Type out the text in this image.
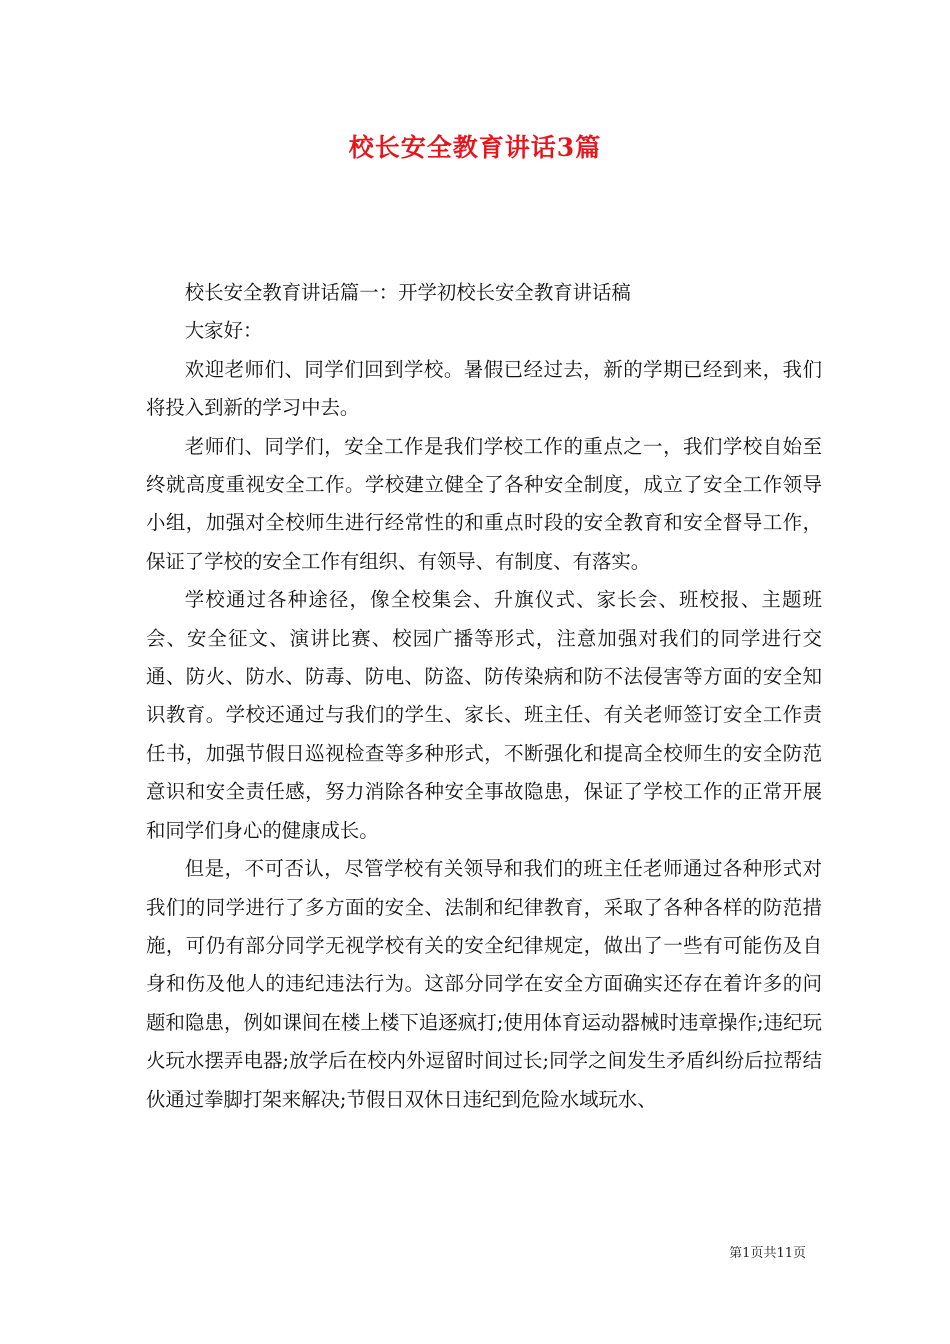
校长安全教育讲话3篇

校长安全教育讲话篇一：开学初校长安全教育讲话稿

大家好：

欢迎老师们、同学们回到学校。暑假已经过去，新的学期已经到来，我们将投入到新的学习中去。

老师们、同学们，安全工作是我们学校工作的重点之一，我们学校自始至终就高度重视安全工作。学校建立健全了各种安全制度，成立了安全工作领导小组，加强对全校师生进行经常性的和重点时段的安全教育和安全督导工作，保证了学校的安全工作有组织、有领导、有制度、有落实。

学校通过各种途径，像全校集会、升旗仪式、家长会、班校报、主题班会、安全征文、演讲比赛、校园广播等形式，注意加强对我们的同学进行交通、防火、防水、防毒、防电、防盗、防传染病和防不法侵害等方面的安全知识教育。学校还通过与我们的学生、家长、班主任、有关老师签订安全工作责任书，加强节假日巡视检查等多种形式，不断强化和提高全校师生的安全防范意识和安全责任感，努力消除各种安全事故隐患，保证了学校工作的正常开展和同学们身心的健康成长。

但是，不可否认，尽管学校有关领导和我们的班主任老师通过各种形式对我们的同学进行了多方面的安全、法制和纪律教育，采取了各种各样的防范措施，可仍有部分同学无视学校有关的安全纪律规定，做出了一些有可能伤及自身和伤及他人的违纪违法行为。这部分同学在安全方面确实还存在着许多的问题和隐患，例如课间在楼上楼下追逐疯打;使用体育运动器械时违章操作;违纪玩火玩水摆弄电器;放学后在校内外逗留时间过长;同学之间发生矛盾纠纷后拉帮结伙通过拳脚打架来解决;节假日双休日违纪到危险水域玩水、

第1页共11页
